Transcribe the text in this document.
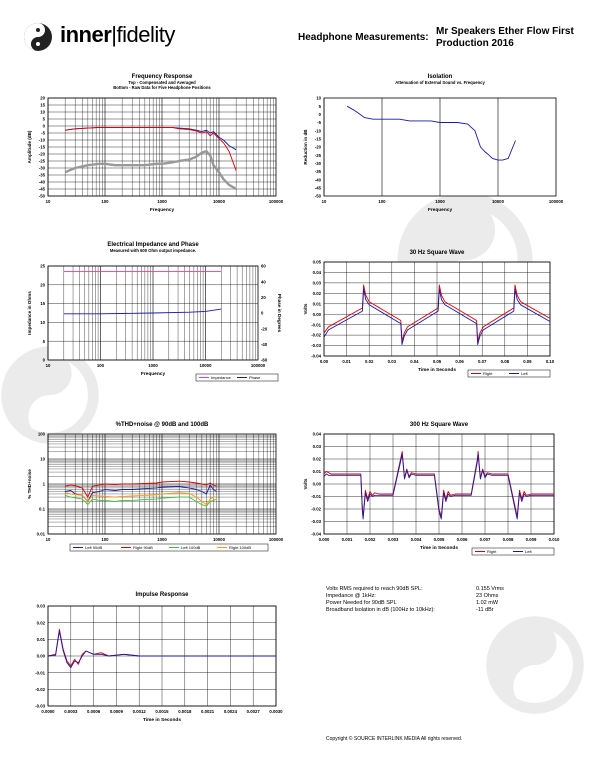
inner|fidelity	Headphone Measurements:
Mr Speakers Ether Flow First Production 2016
Frequency Response
Top - Compensated and Averaged
Bottom - Raw Data for Five Headphone Positions
10	100	1000	10000	100000
20
15
10
5
0
-5
-10
-15
-20
-25
-30
-35
-40
-45
-50
Frequency
Amplitude (dB)
Isolation
Attenuation of External Sound vs. Frequency
10	100	1000	10000	100000
10
5
0
-5
-10
-15
-20
-25
-30
-35
-40
-45
-50
Frequency
Reduction in dB
Electrical Impedance and Phase
Measured with 600 Ohm output impedance.
10	100	1000	10000	100000
25
20
15
10
5
0
60
40
20
0
-20
-40
-60
Frequency
Impedance in Ohms	Phase in Degrees
Impedance	Phase
30 Hz Square Wave
0.00	0.01	0.02	0.03	0.04	0.05	0.06	0.07	0.08	0.09	0.10
0.05
0.04
0.03
0.02
0.01
0.00
-0.01
-0.02
-0.03
-0.04
Time in Seconds
Volts
Right	Left
%THD+noise @ 90dB and 100dB
10	100	1000	10000	100000
100
10
1
0.1
0.01
% THD+noise
Left 90dB	Right 90dB	Left 100dB	Right 100dB
300 Hz Square Wave
0.000	0.001	0.002	0.003	0.004	0.005	0.006	0.007	0.008	0.009	0.010
0.04
0.03
0.02
0.01
0.00
-0.01
-0.02
-0.03
-0.04
Time in Seconds
Volts
Right	Left
Impulse Response
0.0000 0.0003 0.0006 0.0009 0.0012 0.0015 0.0018 0.0021 0.0024 0.0027 0.0030
0.03
0.02
0.01
0.00
-0.01
-0.02
-0.03
Time in Seconds
Volts RMS required to reach 90dB SPL:	0.155 Vrms
Impedance @ 1kHz:	23 Ohms
Power Needed for 90dB SPL	1.02 mW
Broadband Isolation in dB (100Hz to 10kHz):	-11 dBr
Copyright © SOURCE INTERLINK MEDIA All rights reserved.
